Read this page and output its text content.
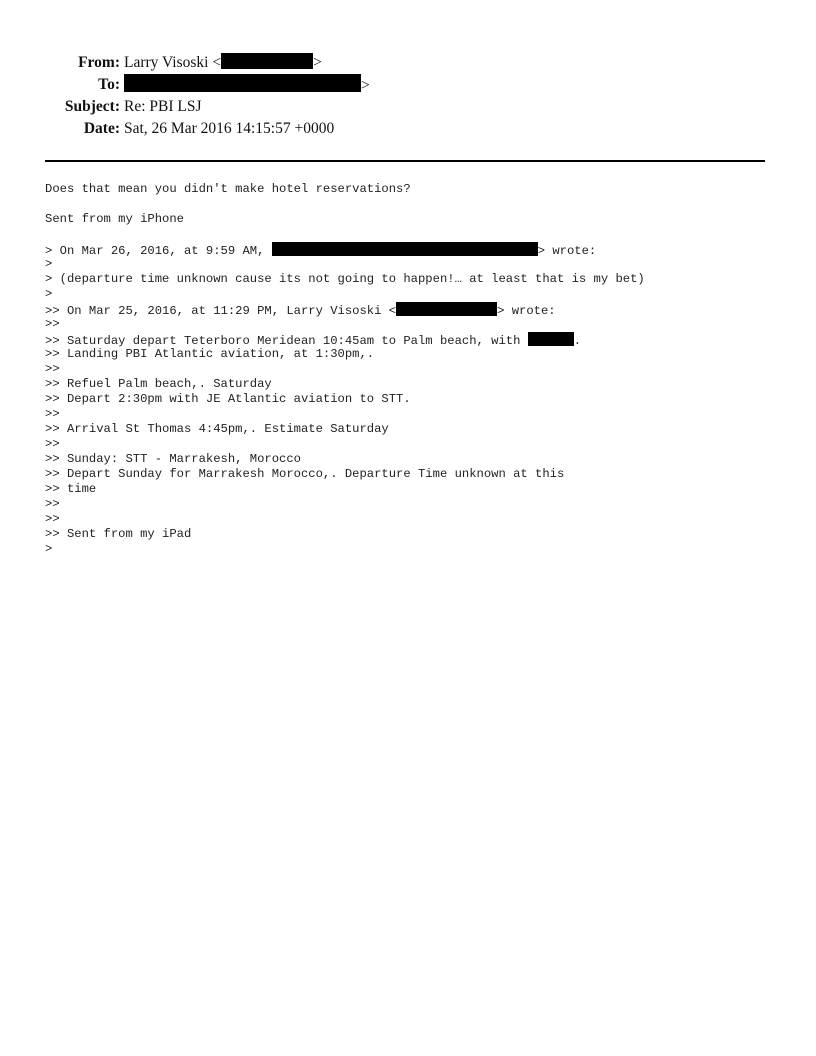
From: Larry Visoski <	>
To:	>
Subject: Re: PBI LSJ
Date: Sat, 26 Mar 2016 14:15:57 +0000
Does that mean you didn't make hotel reservations?
Sent from my iPhone
> On Mar 26, 2016, at 9:59 AM,	> wrote:
>
> (departure time unknown cause its not going to happen!… at least that is my bet)
>
>> On Mar 25, 2016, at 11:29 PM, Larry Visoski <	> wrote:
>>
>> Saturday depart Teterboro Meridean 10:45am to Palm beach, with	.
>> Landing PBI Atlantic aviation, at 1:30pm,.
>>
>> Refuel Palm beach,. Saturday
>> Depart 2:30pm with JE Atlantic aviation to STT.
>>
>> Arrival St Thomas 4:45pm,. Estimate Saturday
>>
>> Sunday: STT - Marrakesh, Morocco
>> Depart Sunday for Marrakesh Morocco,. Departure Time unknown at this
>> time
>>
>>
>> Sent from my iPad
>
